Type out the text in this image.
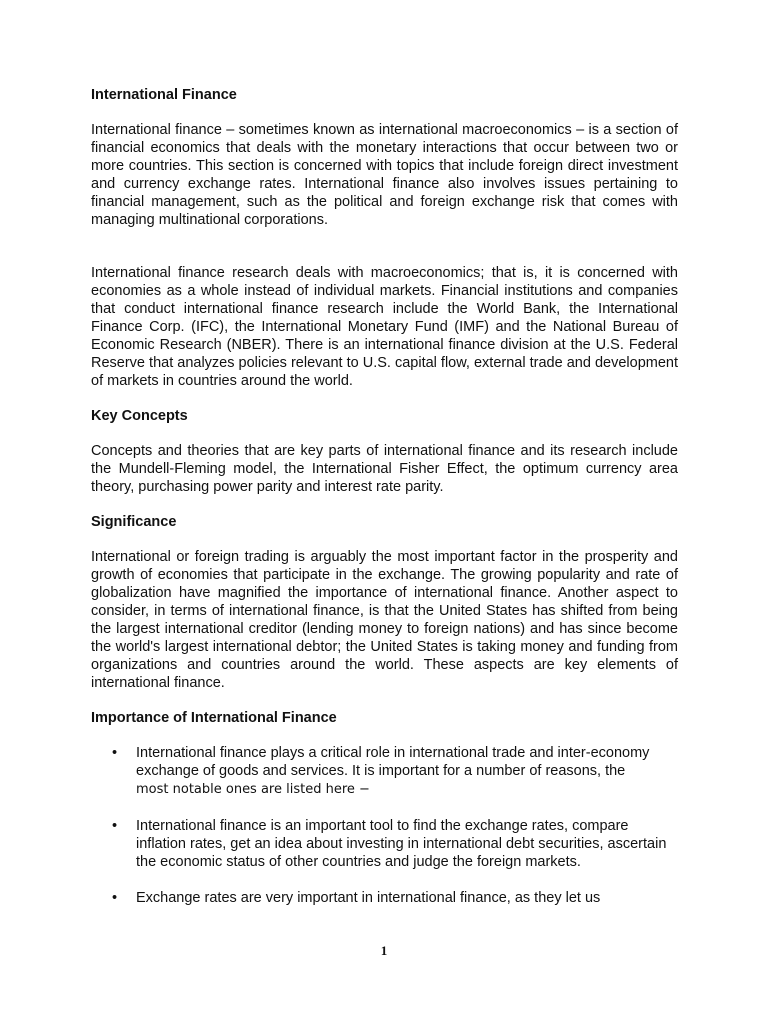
International Finance

International finance – sometimes known as international macroeconomics – is a section of financial economics that deals with the monetary interactions that occur between two or more countries. This section is concerned with topics that include foreign direct investment and currency exchange rates. International finance also involves issues pertaining to financial management, such as the political and foreign exchange risk that comes with managing multinational corporations.

International finance research deals with macroeconomics; that is, it is concerned with economies as a whole instead of individual markets. Financial institutions and companies that conduct international finance research include the World Bank, the International Finance Corp. (IFC), the International Monetary Fund (IMF) and the National Bureau of Economic Research (NBER). There is an international finance division at the U.S. Federal Reserve that analyzes policies relevant to U.S. capital flow, external trade and development of markets in countries around the world.

Key Concepts

Concepts and theories that are key parts of international finance and its research include the Mundell-Fleming model, the International Fisher Effect, the optimum currency area theory, purchasing power parity and interest rate parity.

Significance

International or foreign trading is arguably the most important factor in the prosperity and growth of economies that participate in the exchange. The growing popularity and rate of globalization have magnified the importance of international finance. Another aspect to consider, in terms of international finance, is that the United States has shifted from being the largest international creditor (lending money to foreign nations) and has since become the world's largest international debtor; the United States is taking money and funding from organizations and countries around the world. These aspects are key elements of international finance.

Importance of International Finance
• International finance plays a critical role in international trade and inter-economy exchange of goods and services. It is important for a number of reasons, the
most notable ones are listed here −
• International finance is an important tool to find the exchange rates, compare inflation rates, get an idea about investing in international debt securities, ascertain the economic status of other countries and judge the foreign markets.
• Exchange rates are very important in international finance, as they let us
1
